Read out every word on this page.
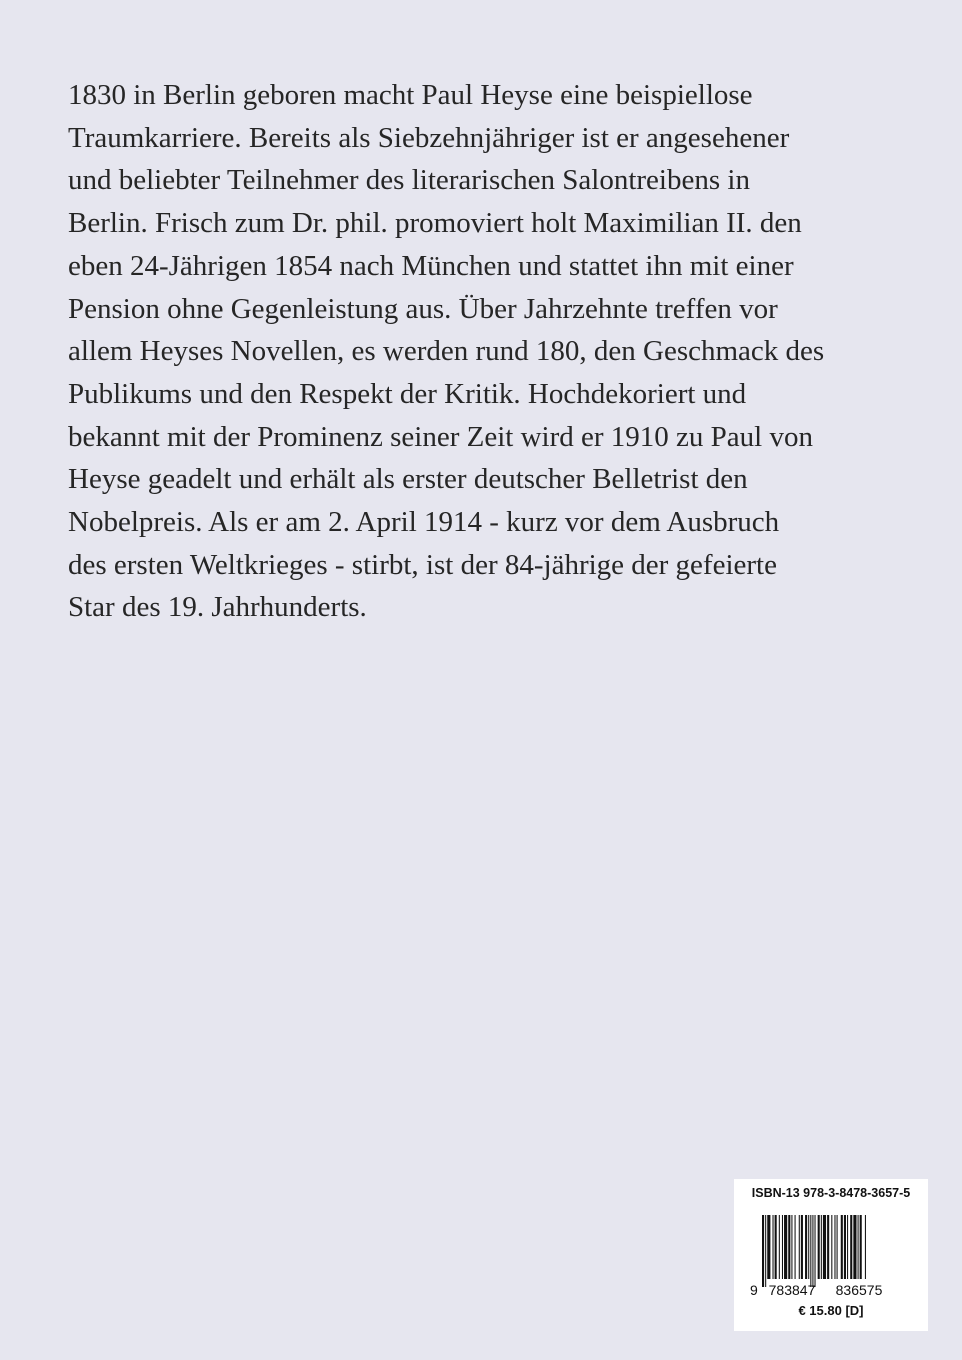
1830 in Berlin geboren macht Paul Heyse eine beispiellose
Traumkarriere. Bereits als Siebzehnjähriger ist er angesehener
und beliebter Teilnehmer des literarischen Salontreibens in
Berlin. Frisch zum Dr. phil. promoviert holt Maximilian II. den
eben 24-Jährigen 1854 nach München und stattet ihn mit einer
Pension ohne Gegenleistung aus. Über Jahrzehnte treffen vor
allem Heyses Novellen, es werden rund 180, den Geschmack des
Publikums und den Respekt der Kritik. Hochdekoriert und
bekannt mit der Prominenz seiner Zeit wird er 1910 zu Paul von
Heyse geadelt und erhält als erster deutscher Belletrist den
Nobelpreis. Als er am 2. April 1914 - kurz vor dem Ausbruch
des ersten Weltkrieges - stirbt, ist der 84-jährige der gefeierte
Star des 19. Jahrhunderts.
ISBN-13 978-3-8478-3657-5
9 783847 836575
€ 15.80 [D]
